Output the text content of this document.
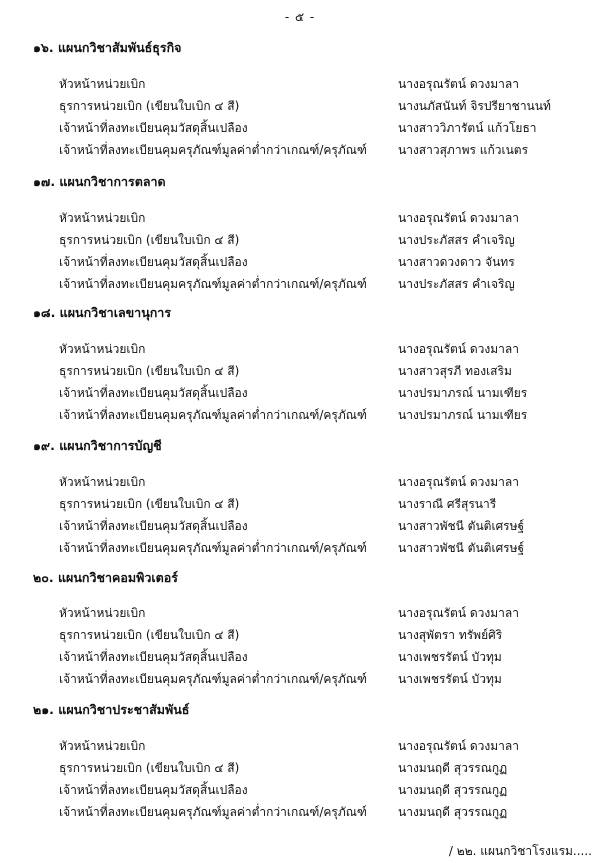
- ๕ -
๑๖. แผนกวิชาสัมพันธ์ธุรกิจ
หัวหน้าหน่วยเบิก	นางอรุณรัตน์ ดวงมาลา
ธุรการหน่วยเบิก (เขียนใบเบิก ๔ สี)	นางนภัสนันท์ จิรปรียาชานนท์
เจ้าหน้าที่ลงทะเบียนคุมวัสดุสิ้นเปลือง	นางสาววิภารัตน์ แก้วโยธา
เจ้าหน้าที่ลงทะเบียนคุมครุภัณฑ์มูลค่าต่ำกว่าเกณฑ์/ครุภัณฑ์	นางสาวสุภาพร แก้วเนตร
๑๗. แผนกวิชาการตลาด
หัวหน้าหน่วยเบิก	นางอรุณรัตน์ ดวงมาลา
ธุรการหน่วยเบิก (เขียนใบเบิก ๔ สี)	นางประภัสสร คำเจริญ
เจ้าหน้าที่ลงทะเบียนคุมวัสดุสิ้นเปลือง	นางสาวดวงดาว จันทร
เจ้าหน้าที่ลงทะเบียนคุมครุภัณฑ์มูลค่าต่ำกว่าเกณฑ์/ครุภัณฑ์	นางประภัสสร คำเจริญ
๑๘. แผนกวิชาเลขานุการ
หัวหน้าหน่วยเบิก	นางอรุณรัตน์ ดวงมาลา
ธุรการหน่วยเบิก (เขียนใบเบิก ๔ สี)	นางสาวสุรภี ทองเสริม
เจ้าหน้าที่ลงทะเบียนคุมวัสดุสิ้นเปลือง	นางปรมาภรณ์ นามเฑียร
เจ้าหน้าที่ลงทะเบียนคุมครุภัณฑ์มูลค่าต่ำกว่าเกณฑ์/ครุภัณฑ์	นางปรมาภรณ์ นามเฑียร
๑๙. แผนกวิชาการบัญชี
หัวหน้าหน่วยเบิก	นางอรุณรัตน์ ดวงมาลา
ธุรการหน่วยเบิก (เขียนใบเบิก ๔ สี)	นางราณี ศรีสุรนารี
เจ้าหน้าที่ลงทะเบียนคุมวัสดุสิ้นเปลือง	นางสาวพัชนี ตันติเศรษฐ์
เจ้าหน้าที่ลงทะเบียนคุมครุภัณฑ์มูลค่าต่ำกว่าเกณฑ์/ครุภัณฑ์	นางสาวพัชนี ตันติเศรษฐ์
๒๐. แผนกวิชาคอมพิวเตอร์
หัวหน้าหน่วยเบิก	นางอรุณรัตน์ ดวงมาลา
ธุรการหน่วยเบิก (เขียนใบเบิก ๔ สี)	นางสุพัตรา ทรัพย์ศิริ
เจ้าหน้าที่ลงทะเบียนคุมวัสดุสิ้นเปลือง	นางเพชรรัตน์ บัวทุม
เจ้าหน้าที่ลงทะเบียนคุมครุภัณฑ์มูลค่าต่ำกว่าเกณฑ์/ครุภัณฑ์	นางเพชรรัตน์ บัวทุม
๒๑. แผนกวิชาประชาสัมพันธ์
หัวหน้าหน่วยเบิก	นางอรุณรัตน์ ดวงมาลา
ธุรการหน่วยเบิก (เขียนใบเบิก ๔ สี)	นางมนฤดี สุวรรณกูฏ
เจ้าหน้าที่ลงทะเบียนคุมวัสดุสิ้นเปลือง	นางมนฤดี สุวรรณกูฏ
เจ้าหน้าที่ลงทะเบียนคุมครุภัณฑ์มูลค่าต่ำกว่าเกณฑ์/ครุภัณฑ์	นางมนฤดี สุวรรณกูฏ
/ ๒๒. แผนกวิชาโรงแรม.....
